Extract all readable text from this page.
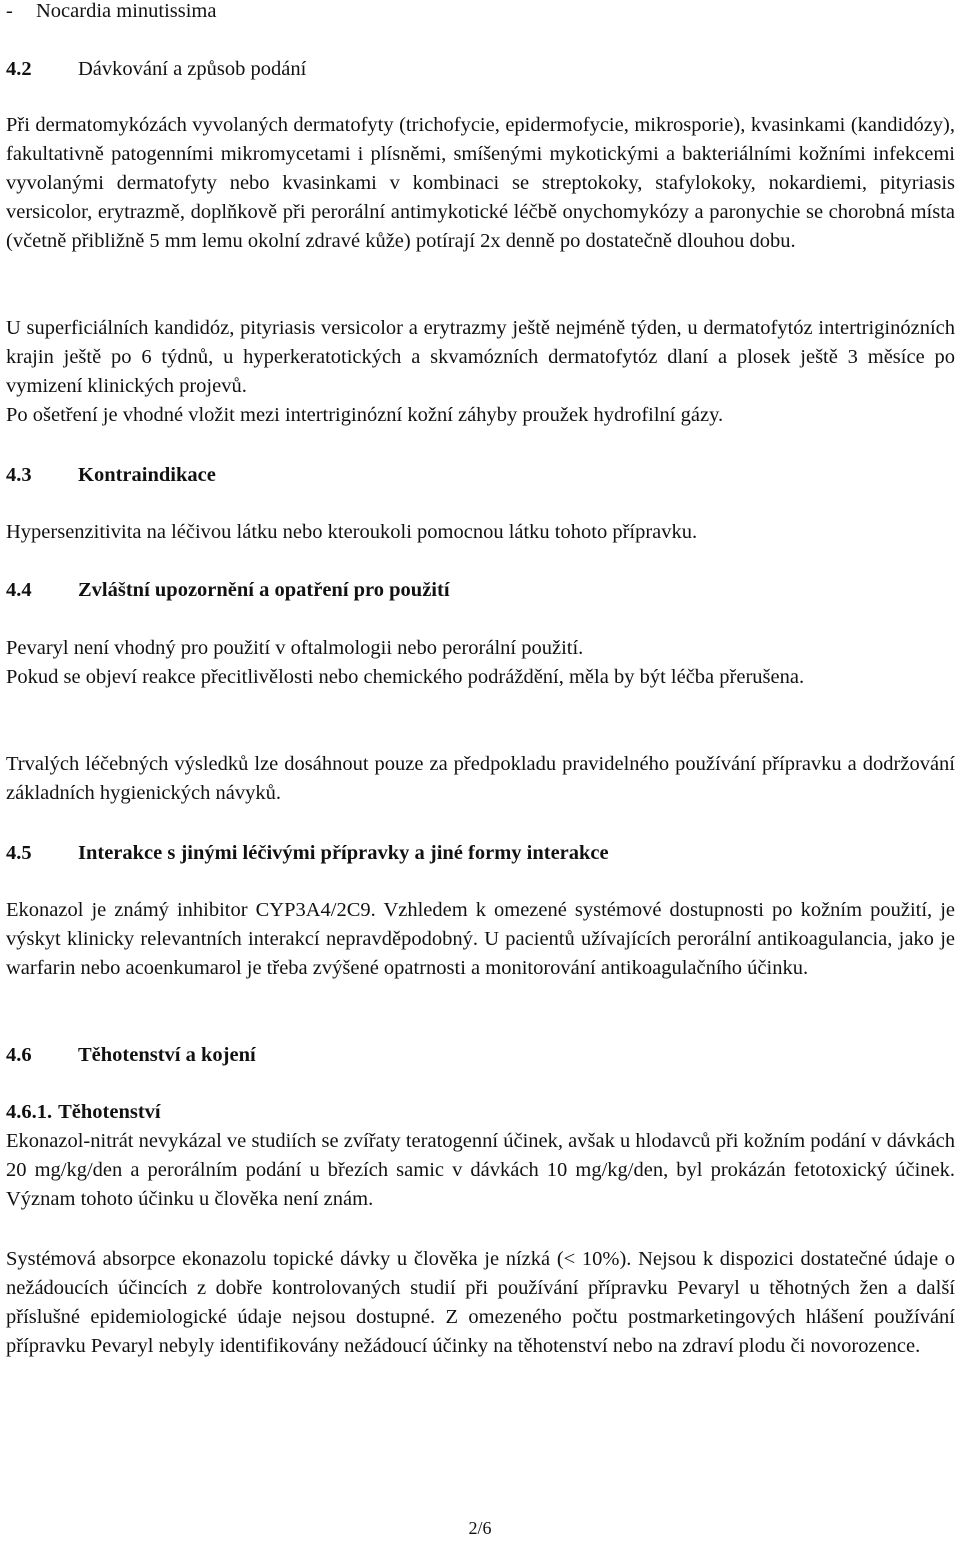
- Nocardia minutissima
4.2	Dávkování a způsob podání

Při dermatomykózách vyvolaných dermatofyty (trichofycie, epidermofycie, mikrosporie), kvasinkami (kandidózy), fakultativně patogenními mikromycetami i plísněmi, smíšenými mykotickými a bakteriálními kožními infekcemi vyvolanými dermatofyty nebo kvasinkami v kombinaci se streptokoky, stafylokoky, nokardiemi, pityriasis versicolor, erytrazmě, doplňkově při perorální antimykotické léčbě onychomykózy a paronychie se chorobná místa (včetně přibližně 5 mm lemu okolní zdravé kůže) potírají 2x denně po dostatečně dlouhou dobu.

U superficiálních kandidóz, pityriasis versicolor a erytrazmy ještě nejméně týden, u dermatofytóz intertriginózních krajin ještě po 6 týdnů, u hyperkeratotických a skvamózních dermatofytóz dlaní a plosek ještě 3 měsíce po vymizení klinických projevů.

Po ošetření je vhodné vložit mezi intertriginózní kožní záhyby proužek hydrofilní gázy.

4.3	Kontraindikace

Hypersenzitivita na léčivou látku nebo kteroukoli pomocnou látku tohoto přípravku.

4.4	Zvláštní upozornění a opatření pro použití

Pevaryl není vhodný pro použití v oftalmologii nebo perorální použití.

Pokud se objeví reakce přecitlivělosti nebo chemického podráždění, měla by být léčba přerušena.

Trvalých léčebných výsledků lze dosáhnout pouze za předpokladu pravidelného používání přípravku a dodržování základních hygienických návyků.

4.5	Interakce s jinými léčivými přípravky a jiné formy interakce

Ekonazol je známý inhibitor CYP3A4/2C9. Vzhledem k omezené systémové dostupnosti po kožním použití, je výskyt klinicky relevantních interakcí nepravděpodobný. U pacientů užívajících perorální antikoagulancia, jako je warfarin nebo acoenkumarol je třeba zvýšené opatrnosti a monitorování antikoagulačního účinku.

4.6	Těhotenství a kojení
4.6.1. Těhotenství

Ekonazol-nitrát nevykázal ve studiích se zvířaty teratogenní účinek, avšak u hlodavců při kožním podání v dávkách 20 mg/kg/den a perorálním podání u březích samic v dávkách 10 mg/kg/den, byl prokázán fetotoxický účinek. Význam tohoto účinku u člověka není znám.

Systémová absorpce ekonazolu topické dávky u člověka je nízká (< 10%). Nejsou k dispozici dostatečné údaje o nežádoucích účincích z dobře kontrolovaných studií při používání přípravku Pevaryl u těhotných žen a další příslušné epidemiologické údaje nejsou dostupné. Z omezeného počtu postmarketingových hlášení používání přípravku Pevaryl nebyly identifikovány nežádoucí účinky na těhotenství nebo na zdraví plodu či novorozence.

2/6
